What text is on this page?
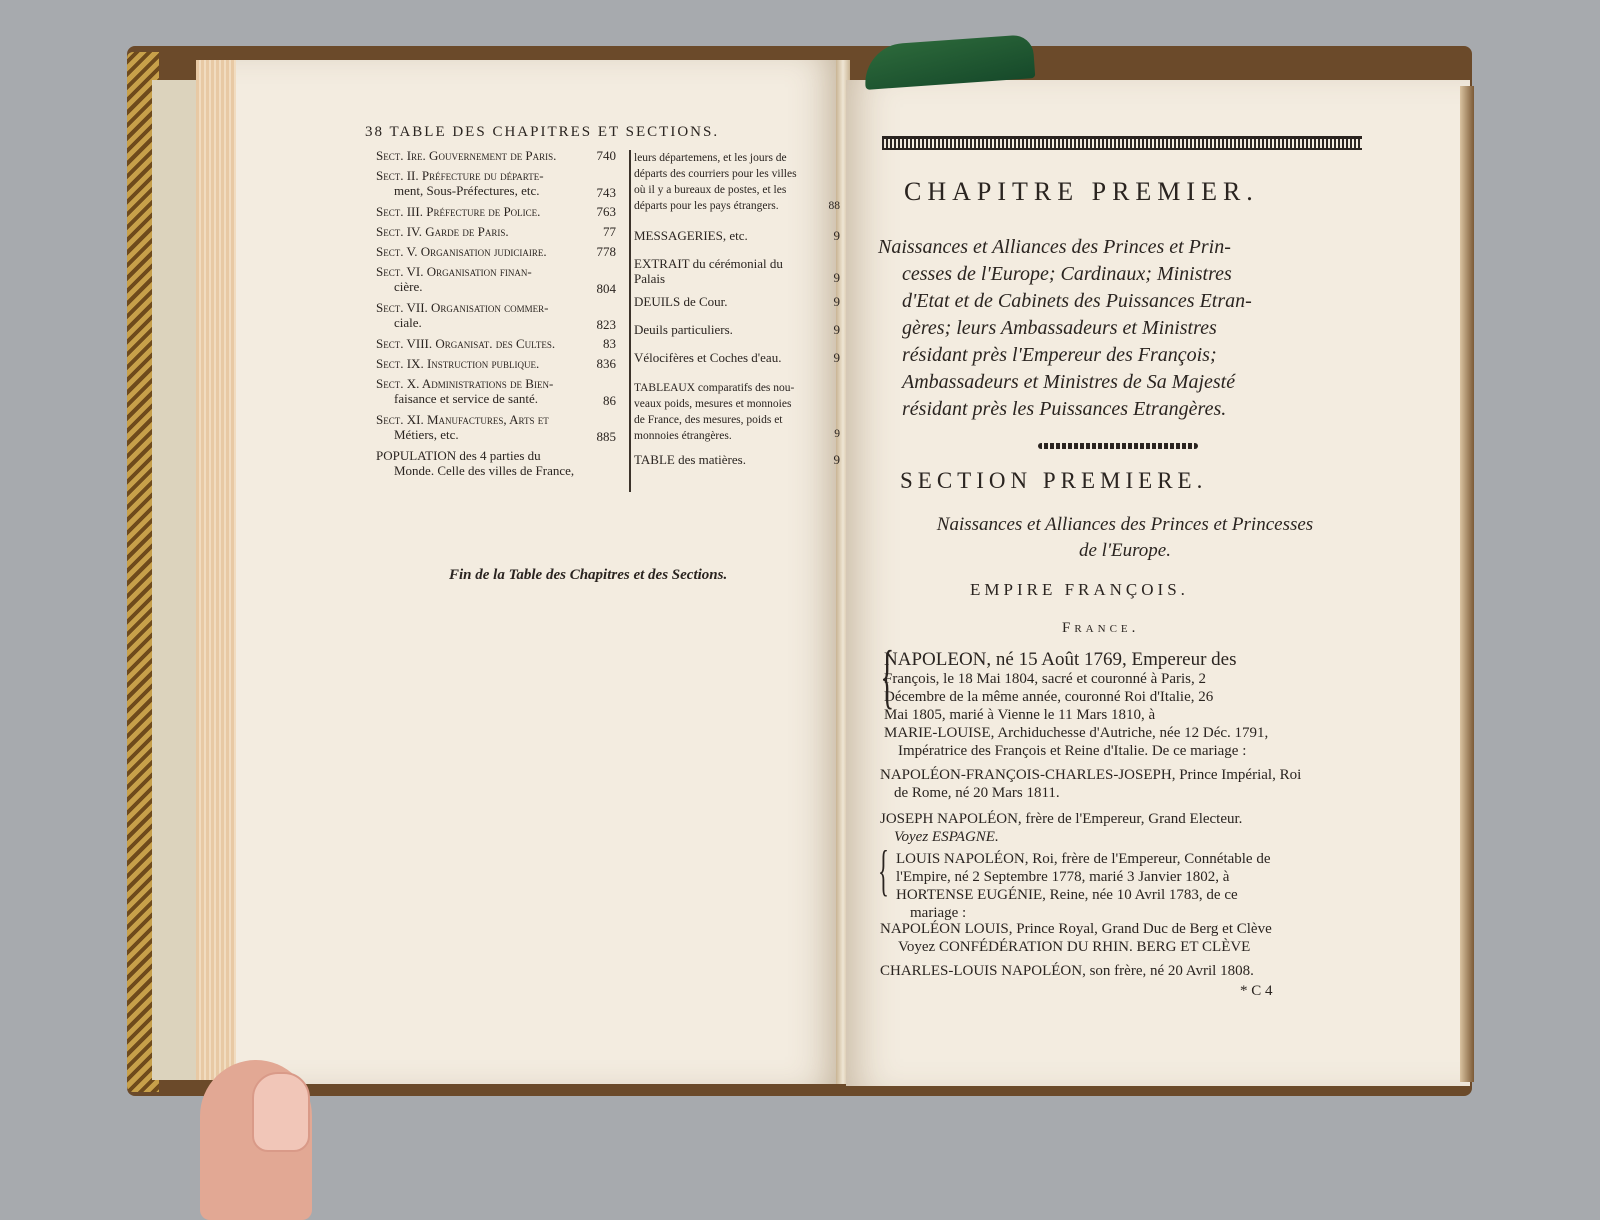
38 TABLE DES CHAPITRES ET SECTIONS.
Sect. Ire. Gouvernement de Paris.	740
Sect. II. Préfecture du départe-
ment, Sous-Préfectures, etc.	743
Sect. III. Préfecture de Police.	763
Sect. IV. Garde de Paris.	77
Sect. V. Organisation judiciaire.	778
Sect. VI. Organisation finan-
cière.	804
Sect. VII. Organisation commer-
ciale.	823
Sect. VIII. Organisat. des Cultes.	83
Sect. IX. Instruction publique.	836
Sect. X. Administrations de Bien-
faisance et service de santé.	86
Sect. XI. Manufactures, Arts et
Métiers, etc.	885
POPULATION des 4 parties du
Monde. Celle des villes de France,
leurs départemens, et les jours de
départs des courriers pour les villes
où il y a bureaux de postes, et les
départs pour les pays étrangers.	88
MESSAGERIES, etc.	9
EXTRAIT du cérémonial du
Palais	9
DEUILS de Cour.	9
Deuils particuliers.	9
Vélocifères et Coches d'eau.	9
TABLEAUX comparatifs des nou-
veaux poids, mesures et monnoies
de France, des mesures, poids et
monnoies étrangères.	9
TABLE des matières.	9
Fin de la Table des Chapitres et des Sections.
CHAPITRE PREMIER.
Naissances et Alliances des Princes et Prin-
cesses de l'Europe; Cardinaux; Ministres
d'Etat et de Cabinets des Puissances Etran-
gères; leurs Ambassadeurs et Ministres
résidant près l'Empereur des François;
Ambassadeurs et Ministres de Sa Majesté
résidant près les Puissances Etrangères.
SECTION PREMIERE.
Naissances et Alliances des Princes et Princesses
de l'Europe.
EMPIRE FRANÇOIS.
France.
{
{
NAPOLEON, né 15 Août 1769, Empereur des
François, le 18 Mai 1804, sacré et couronné à Paris, 2
Décembre de la même année, couronné Roi d'Italie, 26
Mai 1805, marié à Vienne le 11 Mars 1810, à
MARIE-LOUISE, Archiduchesse d'Autriche, née 12 Déc. 1791,
Impératrice des François et Reine d'Italie. De ce mariage :
NAPOLÉON-FRANÇOIS-CHARLES-JOSEPH, Prince Impérial, Roi
de Rome, né 20 Mars 1811.
JOSEPH NAPOLÉON, frère de l'Empereur, Grand Electeur.
Voyez ESPAGNE.
LOUIS NAPOLÉON, Roi, frère de l'Empereur, Connétable de
l'Empire, né 2 Septembre 1778, marié 3 Janvier 1802, à
HORTENSE EUGÉNIE, Reine, née 10 Avril 1783, de ce
mariage :
NAPOLÉON LOUIS, Prince Royal, Grand Duc de Berg et Clève
Voyez CONFÉDÉRATION DU RHIN. BERG ET CLÈVE
CHARLES-LOUIS NAPOLÉON, son frère, né 20 Avril 1808.
* C 4
